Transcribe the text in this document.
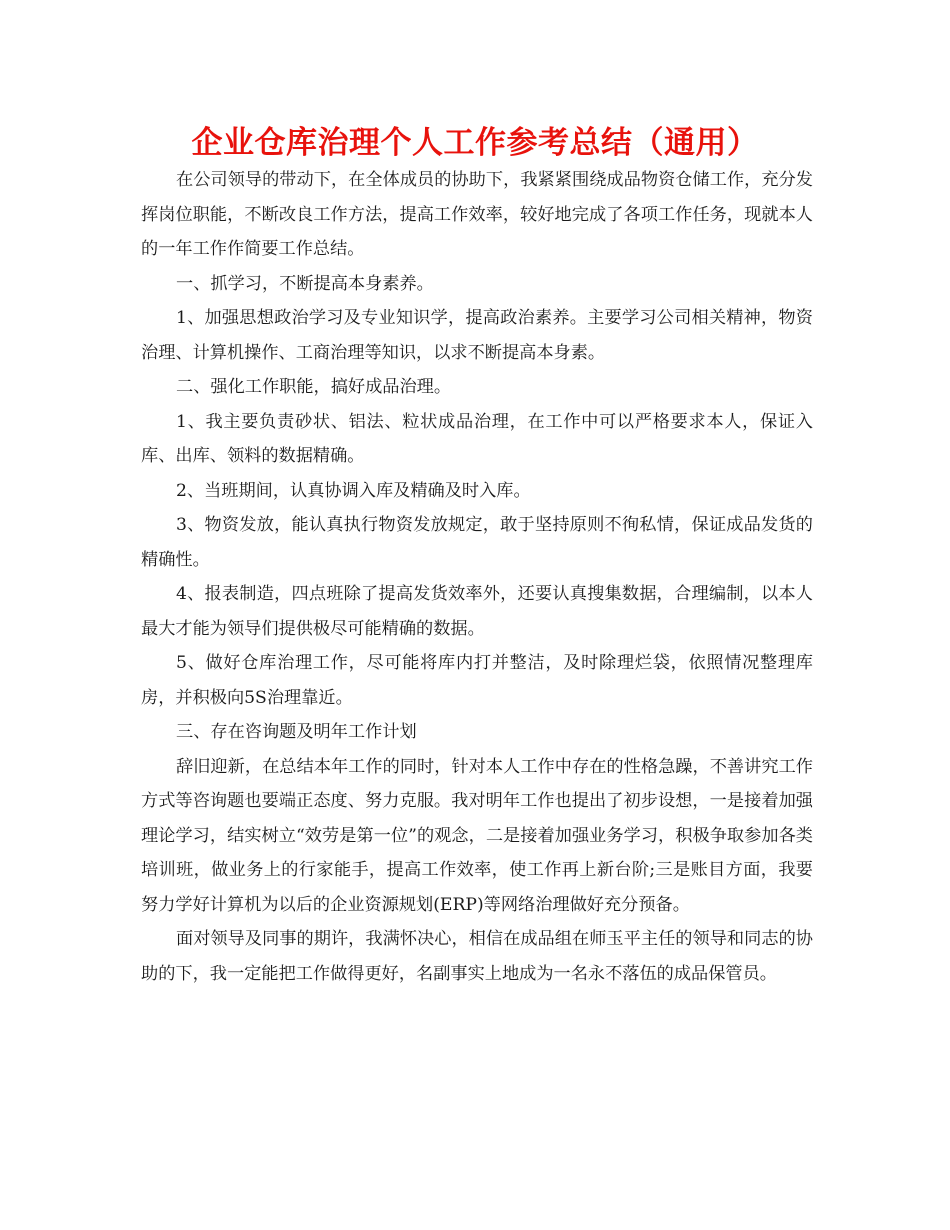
企业仓库治理个人工作参考总结（通用）

在公司领导的带动下，在全体成员的协助下，我紧紧围绕成品物资仓储工作，充分发挥岗位职能，不断改良工作方法，提高工作效率，较好地完成了各项工作任务，现就本人的一年工作作简要工作总结。

一、抓学习，不断提高本身素养。

1、加强思想政治学习及专业知识学，提高政治素养。主要学习公司相关精神，物资治理、计算机操作、工商治理等知识，以求不断提高本身素。

二、强化工作职能，搞好成品治理。

1、我主要负责砂状、铝法、粒状成品治理，在工作中可以严格要求本人，保证入库、出库、领料的数据精确。

2、当班期间，认真协调入库及精确及时入库。

3、物资发放，能认真执行物资发放规定，敢于坚持原则不徇私情，保证成品发货的精确性。

4、报表制造，四点班除了提高发货效率外，还要认真搜集数据，合理编制，以本人最大才能为领导们提供极尽可能精确的数据。

5、做好仓库治理工作，尽可能将库内打并整洁，及时除理烂袋，依照情况整理库房，并积极向5S治理靠近。

三、存在咨询题及明年工作计划

辞旧迎新，在总结本年工作的同时，针对本人工作中存在的性格急躁，不善讲究工作方式等咨询题也要端正态度、努力克服。我对明年工作也提出了初步设想，一是接着加强理论学习，结实树立“效劳是第一位”的观念，二是接着加强业务学习，积极争取参加各类培训班，做业务上的行家能手，提高工作效率，使工作再上新台阶;三是账目方面，我要努力学好计算机为以后的企业资源规划(ERP)等网络治理做好充分预备。

面对领导及同事的期许，我满怀决心，相信在成品组在师玉平主任的领导和同志的协助的下，我一定能把工作做得更好，名副事实上地成为一名永不落伍的成品保管员。
